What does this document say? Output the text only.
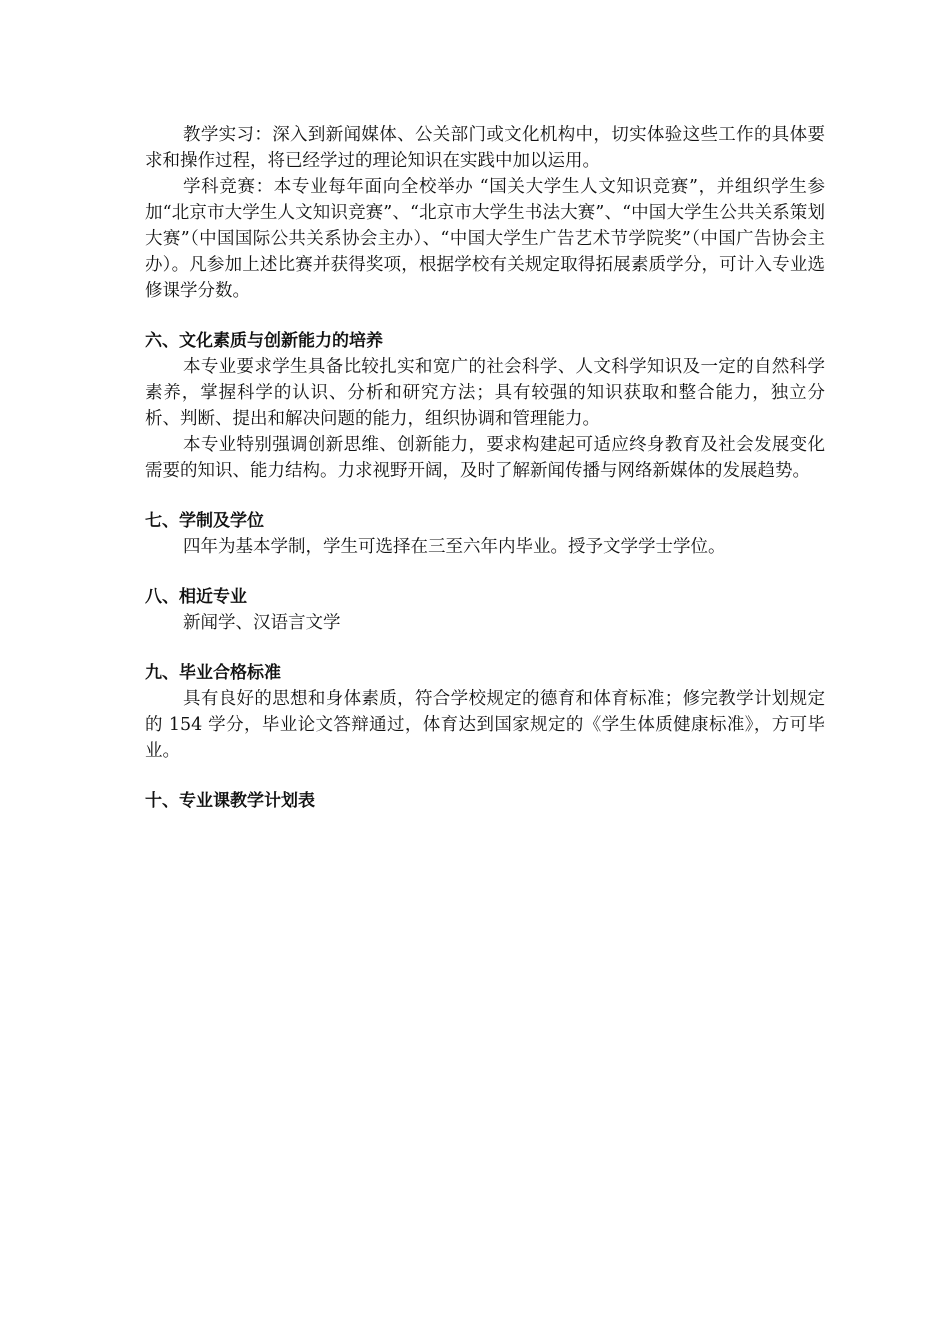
教学实习：深入到新闻媒体、公关部门或文化机构中，切实体验这些工作的具体要求和操作过程，将已经学过的理论知识在实践中加以运用。

学科竞赛：本专业每年面向全校举办 “国关大学生人文知识竞赛”，并组织学生参加“北京市大学生人文知识竞赛”、“北京市大学生书法大赛”、“中国大学生公共关系策划大赛”（中国国际公共关系协会主办）、“中国大学生广告艺术节学院奖”（中国广告协会主办）。凡参加上述比赛并获得奖项，根据学校有关规定取得拓展素质学分，可计入专业选修课学分数。

六、文化素质与创新能力的培养

本专业要求学生具备比较扎实和宽广的社会科学、人文科学知识及一定的自然科学素养，掌握科学的认识、分析和研究方法；具有较强的知识获取和整合能力，独立分析、判断、提出和解决问题的能力，组织协调和管理能力。

本专业特别强调创新思维、创新能力，要求构建起可适应终身教育及社会发展变化需要的知识、能力结构。力求视野开阔，及时了解新闻传播与网络新媒体的发展趋势。

七、学制及学位

四年为基本学制，学生可选择在三至六年内毕业。授予文学学士学位。

八、相近专业

新闻学、汉语言文学

九、毕业合格标准

具有良好的思想和身体素质，符合学校规定的德育和体育标准；修完教学计划规定的 154 学分，毕业论文答辩通过，体育达到国家规定的《学生体质健康标准》，方可毕业。

十、专业课教学计划表
